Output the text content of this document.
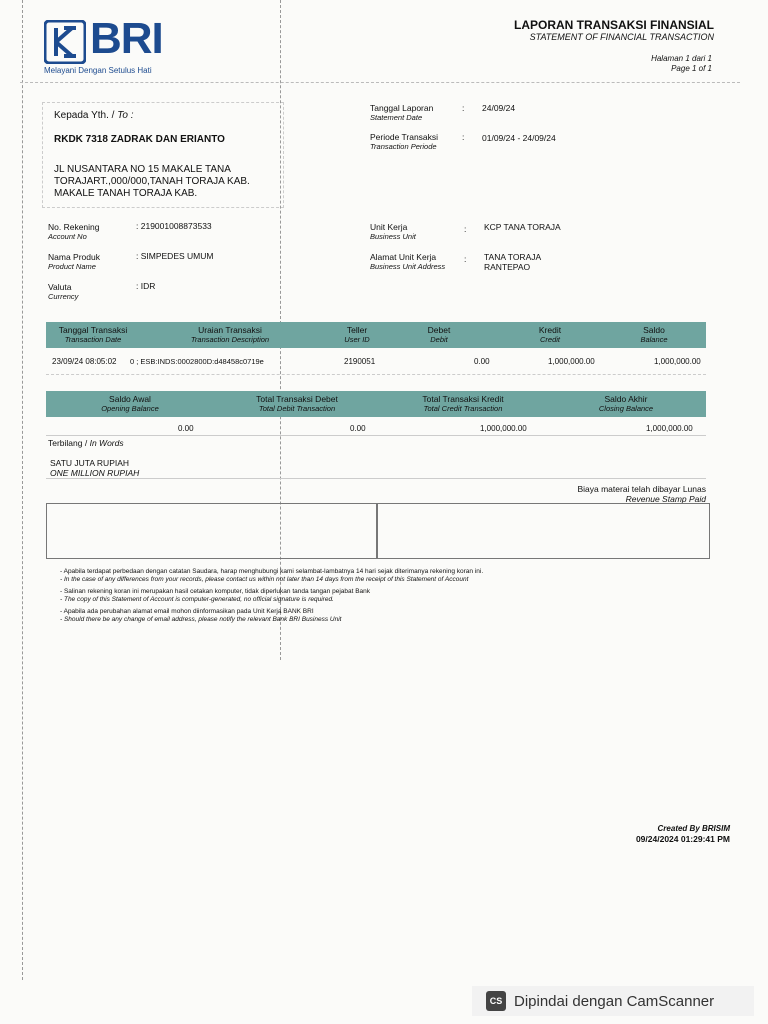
BRI
Melayani Dengan Setulus Hati
LAPORAN TRANSAKSI FINANSIAL
STATEMENT OF FINANCIAL TRANSACTION
Halaman 1 dari 1
Page 1 of 1
Kepada Yth. / To :
RKDK 7318 ZADRAK DAN ERIANTO
JL NUSANTARA NO 15 MAKALE TANA
TORAJART.,000/000,TANAH TORAJA KAB.
MAKALE TANAH TORAJA KAB.
Tanggal Laporan
Statement Date
: 24/09/24
Periode Transaksi
Transaction Periode
: 01/09/24 - 24/09/24
No. Rekening
Account No
: 219001008873533
Nama Produk
Product Name
: SIMPEDES UMUM
Valuta
Currency
: IDR
Unit Kerja
Business Unit
: KCP TANA TORAJA
Alamat Unit Kerja
Business Unit Address
: TANA TORAJA
RANTEPAO
Tanggal Transaksi
Transaction Date
Uraian Transaksi
Transaction Description
Teller
User ID
Debet
Debit
Kredit
Credit
Saldo
Balance
23/09/24 08:05:02 0 ; ESB:INDS:0002800D:d48458c0719e	2190051	0.00	1,000,000.00	1,000,000.00
Saldo Awal
Opening Balance
Total Transaksi Debet
Total Debit Transaction
Total Transaksi Kredit
Total Credit Transaction
Saldo Akhir
Closing Balance
0.00	0.00	1,000,000.00	1,000,000.00
Terbilang / In Words
SATU JUTA RUPIAH
ONE MILLION RUPIAH
Biaya materai telah dibayar Lunas
Revenue Stamp Paid
- Apabila terdapat perbedaan dengan catatan Saudara, harap menghubungi kami selambat-lambatnya 14 hari sejak diterimanya rekening koran ini.
- In the case of any differences from your records, please contact us within not later than 14 days from the receipt of this Statement of Account
- Salinan rekening koran ini merupakan hasil cetakan komputer, tidak diperlukan tanda tangan pejabat Bank
- The copy of this Statement of Account is computer-generated, no official signature is required.
- Apabila ada perubahan alamat email mohon diinformasikan pada Unit Kerja BANK BRI
- Should there be any change of email address, please notify the relevant Bank BRI Business Unit
Created By BRISIM
09/24/2024 01:29:41 PM
CS Dipindai dengan CamScanner
